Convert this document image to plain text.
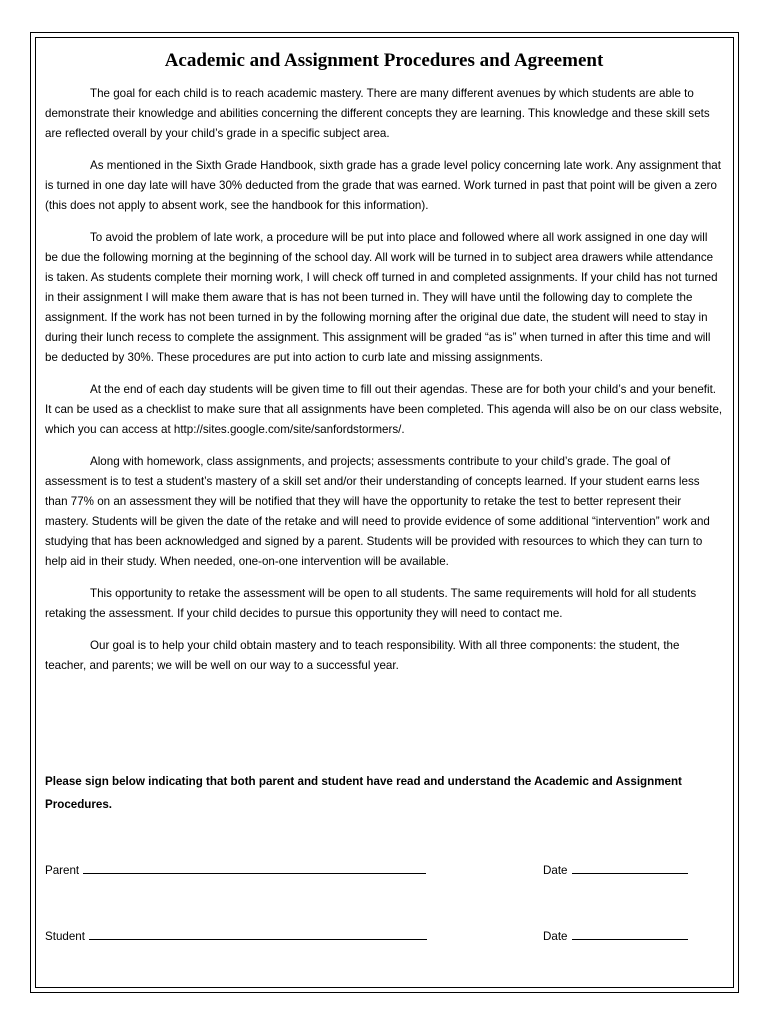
Academic and Assignment Procedures and Agreement

The goal for each child is to reach academic mastery. There are many different avenues by which students are able to demonstrate their knowledge and abilities concerning the different concepts they are learning. This knowledge and these skill sets are reflected overall by your child’s grade in a specific subject area.

As mentioned in the Sixth Grade Handbook, sixth grade has a grade level policy concerning late work. Any assignment that is turned in one day late will have 30% deducted from the grade that was earned. Work turned in past that point will be given a zero (this does not apply to absent work, see the handbook for this information).

To avoid the problem of late work, a procedure will be put into place and followed where all work assigned in one day will be due the following morning at the beginning of the school day. All work will be turned in to subject area drawers while attendance is taken. As students complete their morning work, I will check off turned in and completed assignments. If your child has not turned in their assignment I will make them aware that is has not been turned in. They will have until the following day to complete the assignment. If the work has not been turned in by the following morning after the original due date, the student will need to stay in during their lunch recess to complete the assignment. This assignment will be graded “as is” when turned in after this time and will be deducted by 30%. These procedures are put into action to curb late and missing assignments.

At the end of each day students will be given time to fill out their agendas. These are for both your child’s and your benefit. It can be used as a checklist to make sure that all assignments have been completed. This agenda will also be on our class website, which you can access at http://sites.google.com/site/sanfordstormers/.

Along with homework, class assignments, and projects; assessments contribute to your child’s grade. The goal of assessment is to test a student’s mastery of a skill set and/or their understanding of concepts learned. If your student earns less than 77% on an assessment they will be notified that they will have the opportunity to retake the test to better represent their mastery. Students will be given the date of the retake and will need to provide evidence of some additional “intervention” work and studying that has been acknowledged and signed by a parent. Students will be provided with resources to which they can turn to help aid in their study. When needed, one-on-one intervention will be available.

This opportunity to retake the assessment will be open to all students. The same requirements will hold for all students retaking the assessment. If your child decides to pursue this opportunity they will need to contact me.

Our goal is to help your child obtain mastery and to teach responsibility. With all three components: the student, the teacher, and parents; we will be well on our way to a successful year.

Please sign below indicating that both parent and student have read and understand the Academic and Assignment Procedures.
Parent	Date
Student	Date
